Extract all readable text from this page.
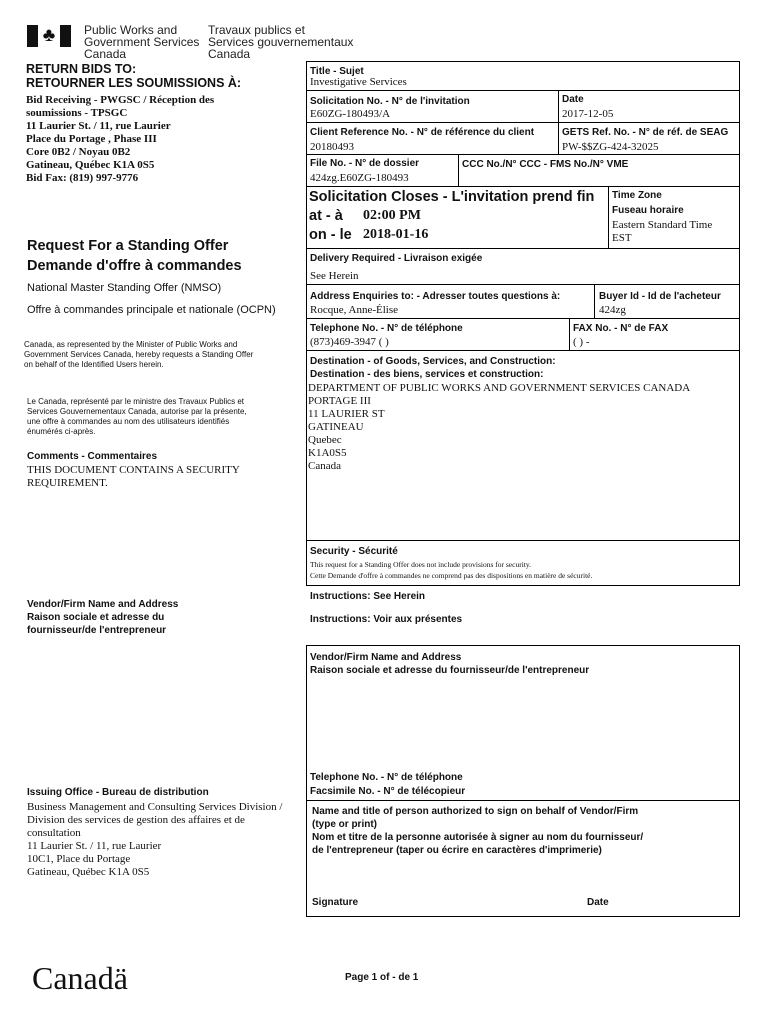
♣ Public Works and
Government Services
Canada
Travaux publics et
Services gouvernementaux
Canada
RETURN BIDS TO:
RETOURNER LES SOUMISSIONS À:
Bid Receiving - PWGSC / Réception des
soumissions - TPSGC
11 Laurier St. / 11, rue Laurier
Place du Portage , Phase III
Core 0B2 / Noyau 0B2
Gatineau, Québec K1A 0S5
Bid Fax: (819) 997-9776
Request For a Standing Offer
Demande d'offre à commandes
National Master Standing Offer (NMSO)
Offre à commandes principale et nationale (OCPN)
Canada, as represented by the Minister of Public Works and
Government Services Canada, hereby requests a Standing Offer
on behalf of the Identified Users herein.
Le Canada, représenté par le ministre des Travaux Publics et
Services Gouvernementaux Canada, autorise par la présente,
une offre à commandes au nom des utilisateurs identifiés
énumérés ci-après.
Comments - Commentaires
THIS DOCUMENT CONTAINS A SECURITY
REQUIREMENT.
Vendor/Firm Name and Address
Raison sociale et adresse du
fournisseur/de l'entrepreneur
Issuing Office - Bureau de distribution
Business Management and Consulting Services Division /
Division des services de gestion des affaires et de
consultation
11 Laurier St. / 11, rue Laurier
10C1, Place du Portage
Gatineau, Québec K1A 0S5
Title - Sujet
Investigative Services
Solicitation No. - N° de l'invitation
E60ZG-180493/A
Date
2017-12-05
Client Reference No. - N° de référence du client
20180493
GETS Ref. No. - N° de réf. de SEAG
PW-$$ZG-424-32025
File No. - N° de dossier
424zg.E60ZG-180493
CCC No./N° CCC - FMS No./N° VME
Solicitation Closes - L'invitation prend fin
at - à 02:00 PM
on - le 2018-01-16
Time Zone
Fuseau horaire
Eastern Standard Time
EST
Delivery Required - Livraison exigée
See Herein
Address Enquiries to: - Adresser toutes questions à:
Rocque, Anne-Élise
Buyer Id - Id de l'acheteur
424zg
Telephone No. - N° de téléphone
(873)469-3947 ( )
FAX No. - N° de FAX
( ) -
Destination - of Goods, Services, and Construction:
Destination - des biens, services et construction:
DEPARTMENT OF PUBLIC WORKS AND GOVERNMENT SERVICES CANADA
PORTAGE III
11 LAURIER ST
GATINEAU
Quebec
K1A0S5
Canada
Security - Sécurité
This request for a Standing Offer does not include provisions for security.
Cette Demande d'offre à commandes ne comprend pas des dispositions en matière de sécurité.
Instructions: See Herein
Instructions: Voir aux présentes
Vendor/Firm Name and Address
Raison sociale et adresse du fournisseur/de l'entrepreneur
Telephone No. - N° de téléphone
Facsimile No. - N° de télécopieur
Name and title of person authorized to sign on behalf of Vendor/Firm
(type or print)
Nom et titre de la personne autorisée à signer au nom du fournisseur/
de l'entrepreneur (taper ou écrire en caractères d'imprimerie)
Signature	Date
Canadä	Page 1 of - de 1
